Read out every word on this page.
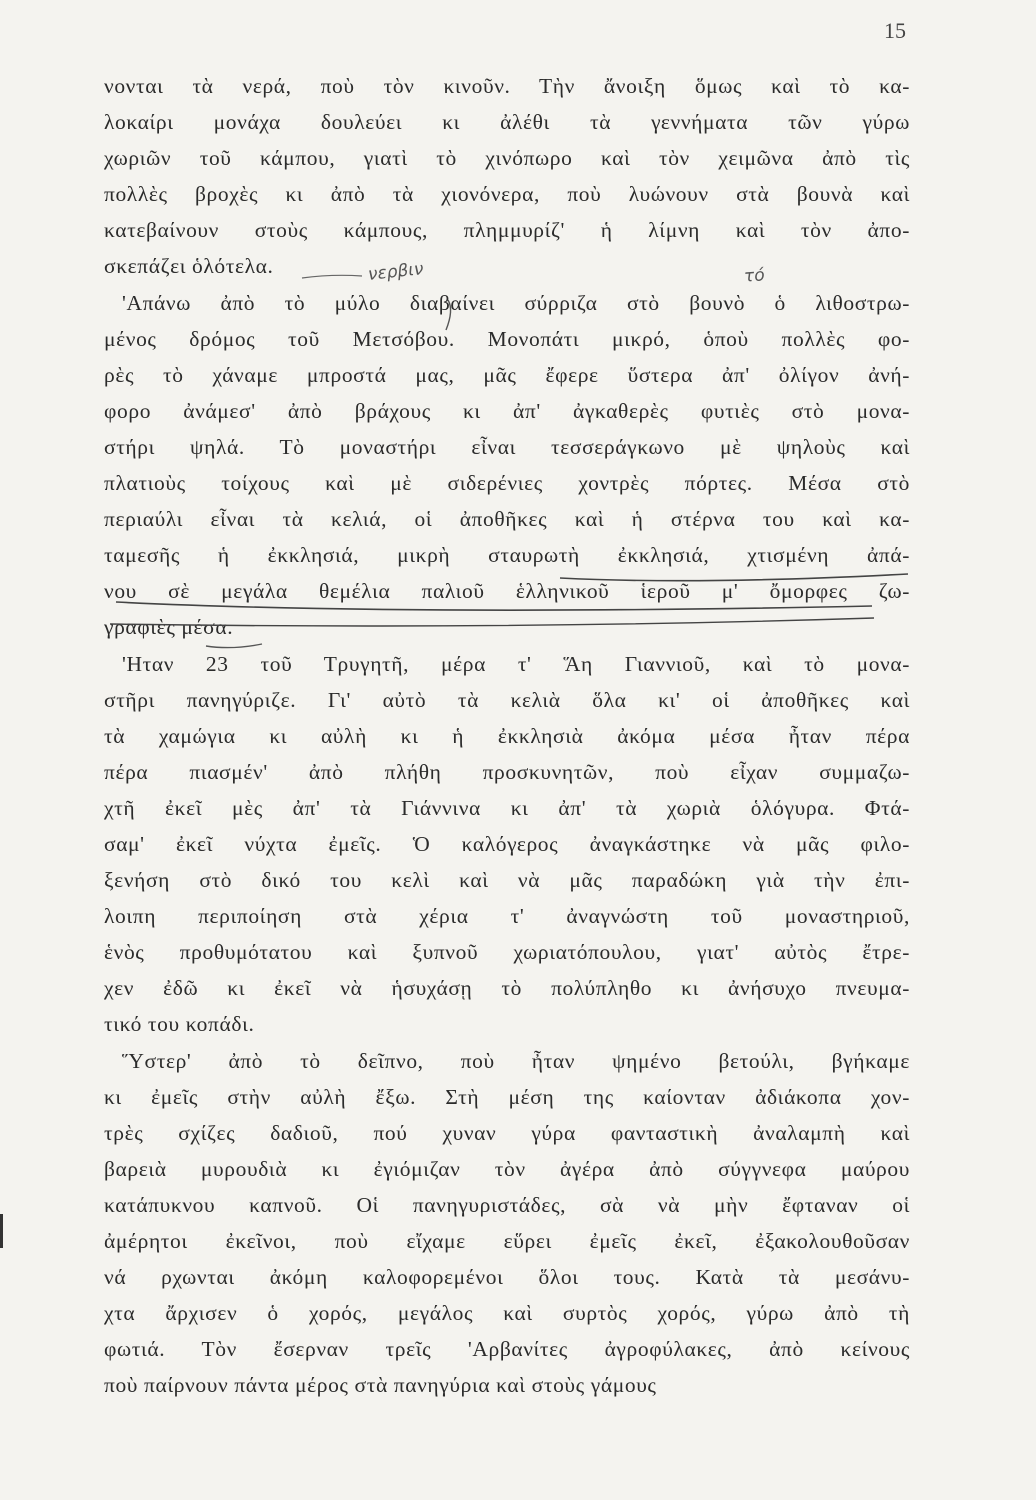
15
νονται τὰ νερά, ποὺ τὸν κινοῦν. Τὴν ἄνοιξη ὅμως καὶ τὸ κα-
λοκαίρι μονάχα δουλεύει κι ἀλέθι τὰ γεννήματα τῶν γύρω
χωριῶν τοῦ κάμπου, γιατὶ τὸ χινόπωρο καὶ τὸν χειμῶνα ἀπὸ τὶς
πολλὲς βροχὲς κι ἀπὸ τὰ χιονόνερα, ποὺ λυώνουν στὰ βουνὰ καὶ
κατεβαίνουν στοὺς κάμπους, πλημμυρίζ' ἡ λίμνη καὶ τὸν ἀπο-
σκεπάζει ὁλότελα.
'Απάνω ἀπὸ τὸ μύλο διαβαίνει σύρριζα στὸ βουνὸ ὁ λιθοστρω-
μένος δρόμος τοῦ Μετσόβου. Μονοπάτι μικρό, ὁποὺ πολλὲς φο-
ρὲς τὸ χάναμε μπροστά μας, μᾶς ἔφερε ὕστερα ἀπ' ὀλίγον ἀνή-
φορο ἀνάμεσ' ἀπὸ βράχους κι ἀπ' ἀγκαθερὲς φυτιὲς στὸ μονα-
στήρι ψηλά. Τὸ μοναστήρι εἶναι τεσσεράγκωνο μὲ ψηλοὺς καὶ
πλατιοὺς τοίχους καὶ μὲ σιδερένιες χοντρὲς πόρτες. Μέσα στὸ
περιαύλι εἶναι τὰ κελιά, οἱ ἀποθῆκες καὶ ἡ στέρνα του καὶ κα-
ταμεσῆς ἡ ἐκκλησιά, μικρὴ σταυρωτὴ ἐκκλησιά, χτισμένη ἀπά-
νου σὲ μεγάλα θεμέλια παλιοῦ ἑλληνικοῦ ἱεροῦ μ' ὄμορφες ζω-
γραφιὲς μέσα.
'Ηταν 23 τοῦ Τρυγητῆ, μέρα τ' Ἅη Γιαννιοῦ, καὶ τὸ μονα-
στῆρι πανηγύριζε. Γι' αὐτὸ τὰ κελιὰ ὅλα κι' οἱ ἀποθῆκες καὶ
τὰ χαμώγια κι αὐλὴ κι ἡ ἐκκλησιὰ ἀκόμα μέσα ἦταν πέρα
πέρα πιασμέν' ἀπὸ πλήθη προσκυνητῶν, ποὺ εἶχαν συμμαζω-
χτῆ ἐκεῖ μὲς ἀπ' τὰ Γιάννινα κι ἀπ' τὰ χωριὰ ὁλόγυρα. Φτά-
σαμ' ἐκεῖ νύχτα ἐμεῖς. Ὁ καλόγερος ἀναγκάστηκε νὰ μᾶς φιλο-
ξενήση στὸ δικό του κελὶ καὶ νὰ μᾶς παραδώκη γιὰ τὴν ἐπι-
λοιπη περιποίηση στὰ χέρια τ' ἀναγνώστη τοῦ μοναστηριοῦ,
ἑνὸς προθυμότατου καὶ ξυπνοῦ χωριατόπουλου, γιατ' αὐτὸς ἔτρε-
χεν ἐδῶ κι ἐκεῖ νὰ ἡσυχάσῃ τὸ πολύπληθο κι ἀνήσυχο πνευμα-
τικό του κοπάδι.
Ὕστερ' ἀπὸ τὸ δεῖπνο, ποὺ ἦταν ψημένο βετούλι, βγήκαμε
κι ἐμεῖς στὴν αὐλὴ ἔξω. Στὴ μέση της καίονταν ἀδιάκοπα χον-
τρὲς σχίζες δαδιοῦ, πού χυναν γύρα φανταστικὴ ἀναλαμπὴ καὶ
βαρειὰ μυρουδιὰ κι ἐγιόμιζαν τὸν ἀγέρα ἀπὸ σύγγνεφα μαύρου
κατάπυκνου καπνοῦ. Οἱ πανηγυριστάδες, σὰ νὰ μὴν ἔφταναν οἱ
ἀμέρητοι ἐκεῖνοι, ποὺ εἴχαμε εὕρει ἐμεῖς ἐκεῖ, ἐξακολουθοῦσαν
νά ρχωνται ἀκόμη καλοφορεμένοι ὅλοι τους. Κατὰ τὰ μεσάνυ-
χτα ἄρχισεν ὁ χορός, μεγάλος καὶ συρτὸς χορός, γύρω ἀπὸ τὴ
φωτιά. Τὸν ἔσερναν τρεῖς 'Αρβανίτες ἀγροφύλακες, ἀπὸ κείνους
ποὺ παίρνουν πάντα μέρος στὰ πανηγύρια καὶ στοὺς γάμους
νερβιν	τό
